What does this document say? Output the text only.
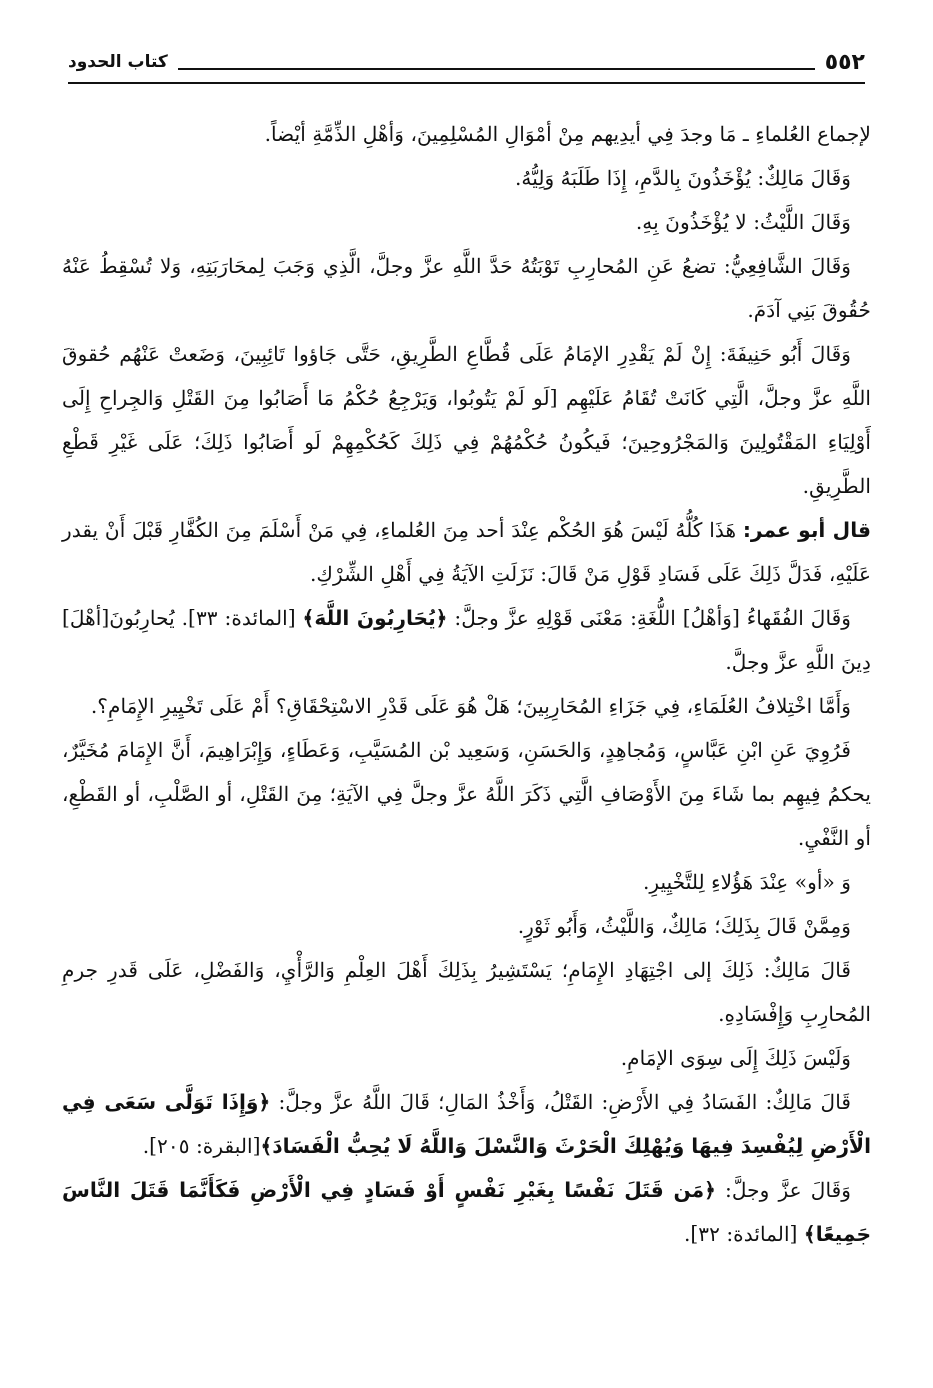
٥٥٢
كتاب الحدود

لإجماع العُلماءِ ـ مَا وجدَ فِي أيدِيهم مِنْ أمْوَالِ المُسْلِمِينَ، وَأهْلِ الذِّمَّةِ أيْضاً.

وَقَالَ مَالِكٌ: يُؤْخَذُونَ بِالدَّمِ، إِذَا طَلَبَهُ وَلِيُّهُ.

وَقَالَ اللَّيْثُ: لا يُؤْخَذُونَ بِهِ.

وَقَالَ الشَّافِعِيُّ: تضعُ عَنِ المُحارِبِ تَوْبَتُهُ حَدَّ اللَّهِ عزَّ وجلَّ، الَّذِي وَجَبَ لِمحَارَبَتِهِ، وَلا تُسْقِطُ عَنْهُ حُقُوقَ بَنِي آدَمَ.

وَقَالَ أَبُو حَنِيفَةَ: إِنْ لَمْ يَقْدِرِ الإمَامُ عَلَى قُطَّاعِ الطَّرِيقِ، حَتَّى جَاؤوا تَائِبِينَ، وَضَعتْ عَنْهُم حُقوقَ اللَّهِ عزَّ وجلَّ، الَّتِي كَانَتْ تُقَامُ عَلَيْهِم [لَو لَمْ يَتُوبُوا، وَيَرْجِعُ حُكْمُ مَا أَصَابُوا مِنَ القَتْلِ وَالجِراحِ إِلَى أَوْلِيَاءِ المَقْتُولِينَ وَالمَجْرُوحِينَ؛ فَيكُونُ حُكْمُهُمْ فِي ذَلِكَ كَحُكْمِهِمْ لَو أَصَابُوا ذَلِكَ؛ عَلَى غَيْرِ قَطْعِ الطَّرِيقِ.

قال أبو عمر: هَذَا كُلُّهُ لَيْسَ هُوَ الحُكْم عِنْدَ أحد مِنَ العُلماءِ، فِي مَنْ أَسْلَمَ مِنَ الكُفَّارِ قَبْلَ أَنْ يقدر عَلَيْهِ، فَدَلَّ ذَلِكَ عَلَى فَسَادِ قَوْلِ مَنْ قَالَ: نَزَلَتِ الآيَةُ فِي أَهْلِ الشِّرْكِ.

وَقَالَ الفُقَهاءُ [وَأهْلُ] اللُّغَةِ: مَعْنَى قَوْلِهِ عزَّ وجلَّ: ﴿يُحَارِبُونَ اللَّهَ﴾ [المائدة: ٣٣]. يُحارِبُونَ[أهْلَ] دِينَ اللَّهِ عزَّ وجلَّ.

وَأَمَّا اخْتِلافُ العُلَمَاءِ، فِي جَزَاءِ المُحَارِبِينَ؛ هَلْ هُوَ عَلَى قَدْرِ الاسْتِحْقَاقِ؟ أَمْ عَلَى تَخْيِيرِ الإِمَامِ؟.

فَرُوِيَ عَنِ ابْنِ عَبَّاسٍ، وَمُجاهِدٍ، وَالحَسَنِ، وَسَعِيد بْن المُسَيَّبِ، وَعَطَاءٍ، وَإِبْرَاهِيمَ، أَنَّ الإِمَامَ مُخَيَّرٌ، يحكمُ فِيهِم بما شَاءَ مِنَ الأَوْصَافِ الَّتِي ذَكَرَ اللَّهُ عزَّ وجلَّ فِي الآيَةِ؛ مِنَ القَتْلِ، أو الصَّلْبِ، أو القَطْعِ، أو النَّفْيِ.

وَ «أو» عِنْدَ هَؤُلاءِ لِلتَّخْيِيرِ.

وَمِمَّنْ قَالَ بِذَلِكَ؛ مَالِكٌ، وَاللَّيْثُ، وَأَبُو ثَوْرٍ.

قَالَ مَالِكٌ: ذَلِكَ إلى اجْتِهَادِ الإِمَامِ؛ يَسْتَشِيرُ بِذَلِكَ أَهْلَ العِلْمِ وَالرَّأْيِ، وَالفَضْلِ، عَلَى قَدرِ جرمِ المُحارِبِ وَإِفْسَادِهِ.

وَلَيْسَ ذَلِكَ إِلَى سِوَى الإمَامِ.

قَالَ مَالِكٌ: الفَسَادُ فِي الأَرْضِ: القَتْلُ، وَأَخْذُ المَالِ؛ قَالَ اللَّهُ عزَّ وجلَّ: ﴿وَإِذَا تَوَلَّى سَعَى فِي الْأَرْضِ لِيُفْسِدَ فِيهَا وَيُهْلِكَ الْحَرْثَ وَالنَّسْلَ وَاللَّهُ لَا يُحِبُّ الْفَسَادَ﴾[البقرة: ٢٠٥].

وَقَالَ عزَّ وجلَّ: ﴿مَن قَتَلَ نَفْسًا بِغَيْرِ نَفْسٍ أَوْ فَسَادٍ فِي الْأَرْضِ فَكَأَنَّمَا قَتَلَ النَّاسَ جَمِيعًا﴾ [المائدة: ٣٢].
